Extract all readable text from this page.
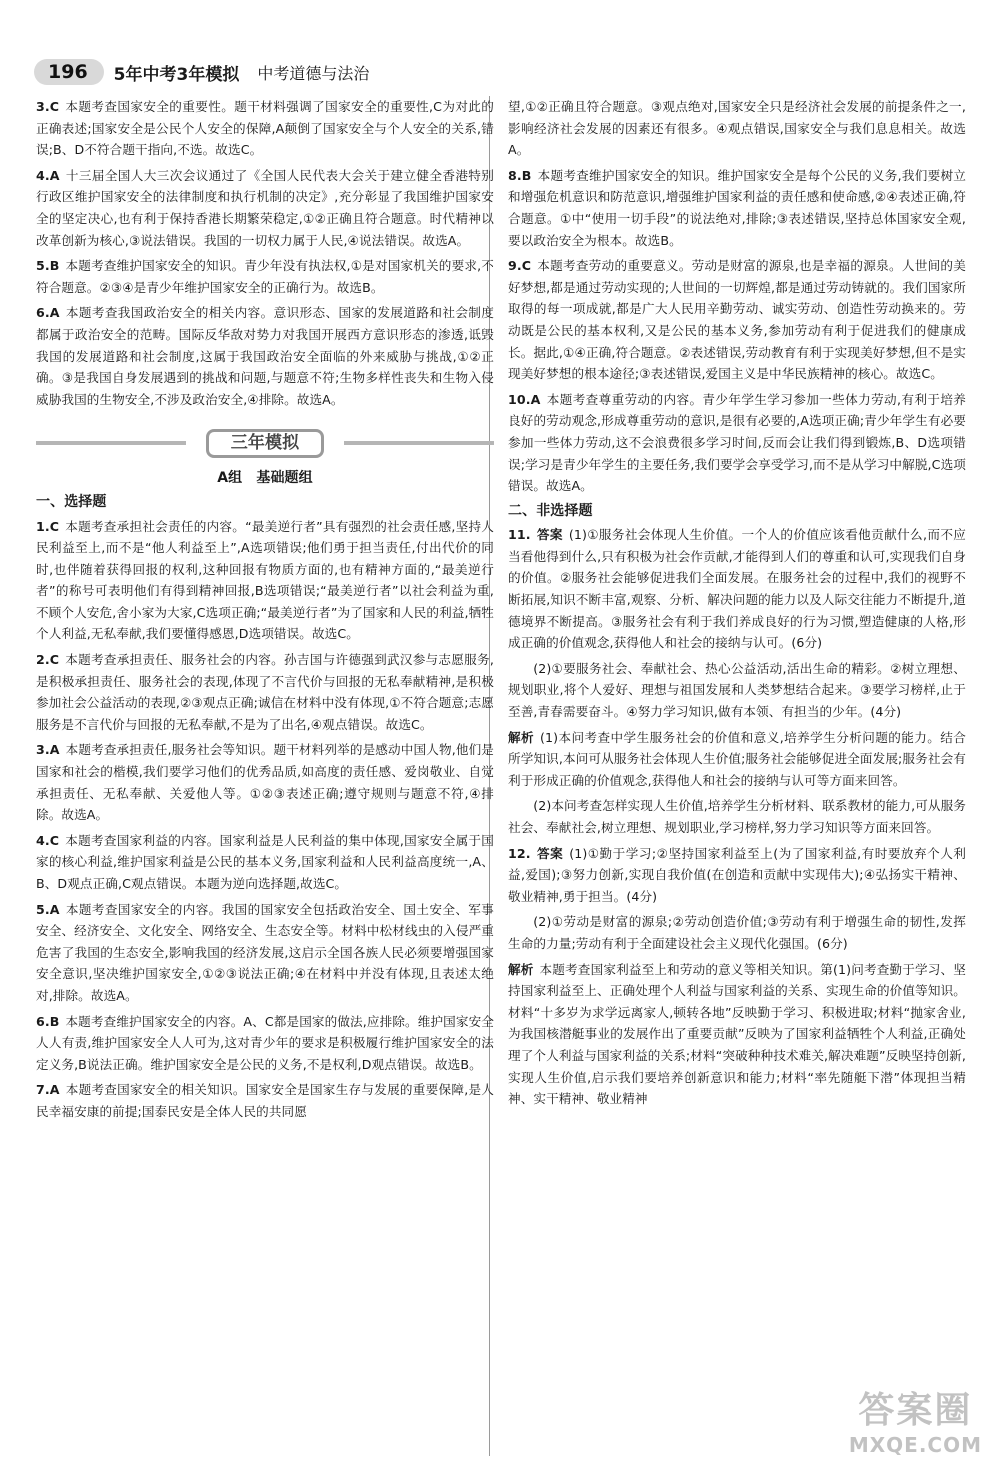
196	5年中考3年模拟 中考道德与法治
3.C 本题考查国家安全的重要性。题干材料强调了国家安全的重要性,C为对此的正确表述;国家安全是公民个人安全的保障,A颠倒了国家安全与个人安全的关系,错误;B、D不符合题干指向,不选。故选C。
4.A 十三届全国人大三次会议通过了《全国人民代表大会关于建立健全香港特别行政区维护国家安全的法律制度和执行机制的决定》,充分彰显了我国维护国家安全的坚定决心,也有利于保持香港长期繁荣稳定,①②正确且符合题意。时代精神以改革创新为核心,③说法错误。我国的一切权力属于人民,④说法错误。故选A。
5.B 本题考查维护国家安全的知识。青少年没有执法权,①是对国家机关的要求,不符合题意。②③④是青少年维护国家安全的正确行为。故选B。
6.A 本题考查我国政治安全的相关内容。意识形态、国家的发展道路和社会制度都属于政治安全的范畴。国际反华敌对势力对我国开展西方意识形态的渗透,诋毁我国的发展道路和社会制度,这属于我国政治安全面临的外来威胁与挑战,①②正确。③是我国自身发展遇到的挑战和问题,与题意不符;生物多样性丧失和生物入侵威胁我国的生物安全,不涉及政治安全,④排除。故选A。
三年模拟
A组　基础题组
一、选择题
1.C 本题考查承担社会责任的内容。“最美逆行者”具有强烈的社会责任感,坚持人民利益至上,而不是“他人利益至上”,A选项错误;他们勇于担当责任,付出代价的同时,也伴随着获得回报的权利,这种回报有物质方面的,也有精神方面的,“最美逆行者”的称号可表明他们有得到精神回报,B选项错误;“最美逆行者”以社会利益为重,不顾个人安危,舍小家为大家,C选项正确;“最美逆行者”为了国家和人民的利益,牺牲个人利益,无私奉献,我们要懂得感恩,D选项错误。故选C。
2.C 本题考查承担责任、服务社会的内容。孙吉国与许德强到武汉参与志愿服务,是积极承担责任、服务社会的表现,体现了不言代价与回报的无私奉献精神,是积极参加社会公益活动的表现,②③观点正确;诚信在材料中没有体现,①不符合题意;志愿服务是不言代价与回报的无私奉献,不是为了出名,④观点错误。故选C。
3.A 本题考查承担责任,服务社会等知识。题干材料列举的是感动中国人物,他们是国家和社会的楷模,我们要学习他们的优秀品质,如高度的责任感、爱岗敬业、自觉承担责任、无私奉献、关爱他人等。①②③表述正确;遵守规则与题意不符,④排除。故选A。
4.C 本题考查国家利益的内容。国家利益是人民利益的集中体现,国家安全属于国家的核心利益,维护国家利益是公民的基本义务,国家利益和人民利益高度统一,A、B、D观点正确,C观点错误。本题为逆向选择题,故选C。
5.A 本题考查国家安全的内容。我国的国家安全包括政治安全、国土安全、军事安全、经济安全、文化安全、网络安全、生态安全等。材料中松材线虫的入侵严重危害了我国的生态安全,影响我国的经济发展,这启示全国各族人民必须要增强国家安全意识,坚决维护国家安全,①②③说法正确;④在材料中并没有体现,且表述太绝对,排除。故选A。
6.B 本题考查维护国家安全的内容。A、C都是国家的做法,应排除。维护国家安全人人有责,维护国家安全人人可为,这对青少年的要求是积极履行维护国家安全的法定义务,B说法正确。维护国家安全是公民的义务,不是权利,D观点错误。故选B。
7.A 本题考查国家安全的相关知识。国家安全是国家生存与发展的重要保障,是人民幸福安康的前提;国泰民安是全体人民的共同愿
望,①②正确且符合题意。③观点绝对,国家安全只是经济社会发展的前提条件之一,影响经济社会发展的因素还有很多。④观点错误,国家安全与我们息息相关。故选A。
8.B 本题考查维护国家安全的知识。维护国家安全是每个公民的义务,我们要树立和增强危机意识和防范意识,增强维护国家利益的责任感和使命感,②④表述正确,符合题意。①中“使用一切手段”的说法绝对,排除;③表述错误,坚持总体国家安全观,要以政治安全为根本。故选B。
9.C 本题考查劳动的重要意义。劳动是财富的源泉,也是幸福的源泉。人世间的美好梦想,都是通过劳动实现的;人世间的一切辉煌,都是通过劳动铸就的。我们国家所取得的每一项成就,都是广大人民用辛勤劳动、诚实劳动、创造性劳动换来的。劳动既是公民的基本权利,又是公民的基本义务,参加劳动有利于促进我们的健康成长。据此,①④正确,符合题意。②表述错误,劳动教育有利于实现美好梦想,但不是实现美好梦想的根本途径;③表述错误,爱国主义是中华民族精神的核心。故选C。
10.A 本题考查尊重劳动的内容。青少年学生学习参加一些体力劳动,有利于培养良好的劳动观念,形成尊重劳动的意识,是很有必要的,A选项正确;青少年学生有必要参加一些体力劳动,这不会浪费很多学习时间,反而会让我们得到锻炼,B、D选项错误;学习是青少年学生的主要任务,我们要学会享受学习,而不是从学习中解脱,C选项错误。故选A。
二、非选择题
11. 答案 (1)①服务社会体现人生价值。一个人的价值应该看他贡献什么,而不应当看他得到什么,只有积极为社会作贡献,才能得到人们的尊重和认可,实现我们自身的价值。②服务社会能够促进我们全面发展。在服务社会的过程中,我们的视野不断拓展,知识不断丰富,观察、分析、解决问题的能力以及人际交往能力不断提升,道德境界不断提高。③服务社会有利于我们养成良好的行为习惯,塑造健康的人格,形成正确的价值观念,获得他人和社会的接纳与认可。(6分)
(2)①要服务社会、奉献社会、热心公益活动,活出生命的精彩。②树立理想、规划职业,将个人爱好、理想与祖国发展和人类梦想结合起来。③要学习榜样,止于至善,青春需要奋斗。④努力学习知识,做有本领、有担当的少年。(4分)
解析 (1)本问考查中学生服务社会的价值和意义,培养学生分析问题的能力。结合所学知识,本问可从服务社会体现人生价值;服务社会能够促进全面发展;服务社会有利于形成正确的价值观念,获得他人和社会的接纳与认可等方面来回答。
(2)本问考查怎样实现人生价值,培养学生分析材料、联系教材的能力,可从服务社会、奉献社会,树立理想、规划职业,学习榜样,努力学习知识等方面来回答。
12. 答案 (1)①勤于学习;②坚持国家利益至上(为了国家利益,有时要放弃个人利益,爱国);③努力创新,实现自我价值(在创造和贡献中实现伟大);④弘扬实干精神、敬业精神,勇于担当。(4分)
(2)①劳动是财富的源泉;②劳动创造价值;③劳动有利于增强生命的韧性,发挥生命的力量;劳动有利于全面建设社会主义现代化强国。(6分)
解析 本题考查国家利益至上和劳动的意义等相关知识。第(1)问考查勤于学习、坚持国家利益至上、正确处理个人利益与国家利益的关系、实现生命的价值等知识。材料“十多岁为求学远离家人,顿转各地”反映勤于学习、积极进取;材料“抛家舍业,为我国核潜艇事业的发展作出了重要贡献”反映为了国家利益牺牲个人利益,正确处理了个人利益与国家利益的关系;材料“突破种种技术难关,解决难题”反映坚持创新,实现人生价值,启示我们要培养创新意识和能力;材料“率先随艇下潜”体现担当精神、实干精神、敬业精神
答案圈
MXQE.COM
